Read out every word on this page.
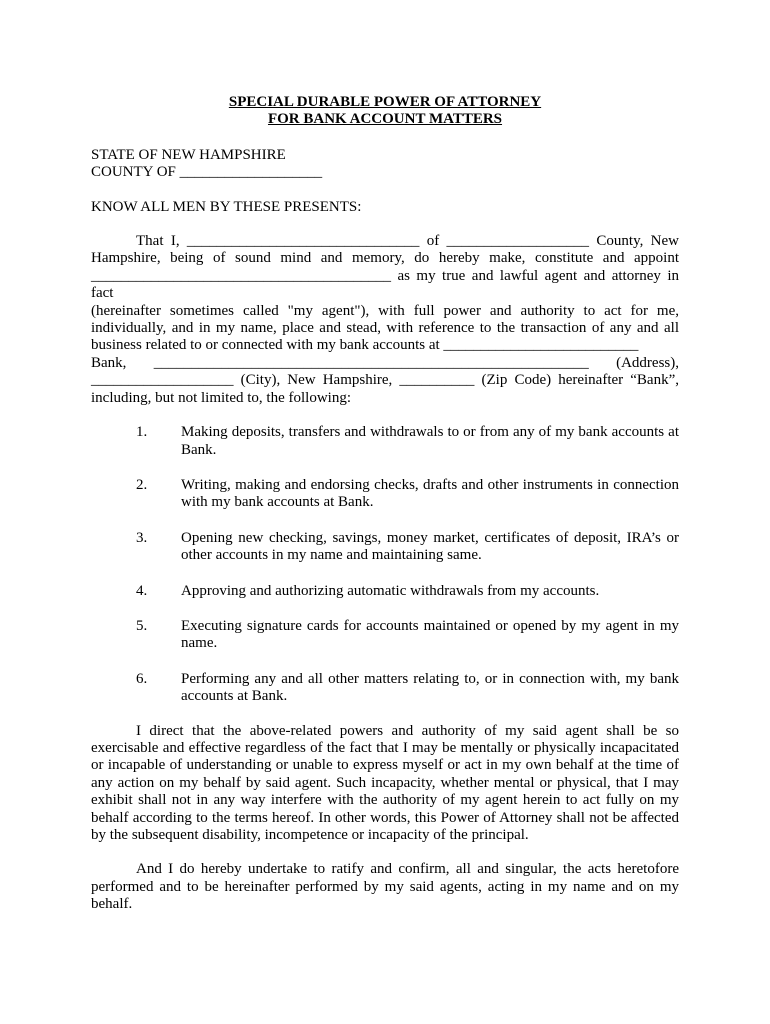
SPECIAL DURABLE POWER OF ATTORNEY

FOR BANK ACCOUNT MATTERS

STATE OF NEW HAMPSHIRE

COUNTY OF ___________________

KNOW ALL MEN BY THESE PRESENTS:

That I, _______________________________ of ___________________ County, New
Hampshire, being of sound mind and memory, do hereby make, constitute and appoint
________________________________________ as my true and lawful agent and attorney in fact
(hereinafter sometimes called "my agent"), with full power and authority to act for me,
individually, and in my name, place and stead, with reference to the transaction of any and all
business related to or connected with my bank accounts at __________________________
Bank, __________________________________________________________ (Address),
___________________ (City), New Hampshire, __________ (Zip Code) hereinafter “Bank”,
including, but not limited to, the following:
1.	Making deposits, transfers and withdrawals to or from any of my bank accounts at Bank.
2.	Writing, making and endorsing checks, drafts and other instruments in connection with my bank accounts at Bank.
3.	Opening new checking, savings, money market, certificates of deposit, IRA’s or other accounts in my name and maintaining same.
4.	Approving and authorizing automatic withdrawals from my accounts.
5.	Executing signature cards for accounts maintained or opened by my agent in my name.
6.	Performing any and all other matters relating to, or in connection with, my bank accounts at Bank.

I direct that the above-related powers and authority of my said agent shall be so exercisable and effective regardless of the fact that I may be mentally or physically incapacitated or incapable of understanding or unable to express myself or act in my own behalf at the time of any action on my behalf by said agent. Such incapacity, whether mental or physical, that I may exhibit shall not in any way interfere with the authority of my agent herein to act fully on my behalf according to the terms hereof. In other words, this Power of Attorney shall not be affected by the subsequent disability, incompetence or incapacity of the principal.

And I do hereby undertake to ratify and confirm, all and singular, the acts heretofore performed and to be hereinafter performed by my said agents, acting in my name and on my behalf.
